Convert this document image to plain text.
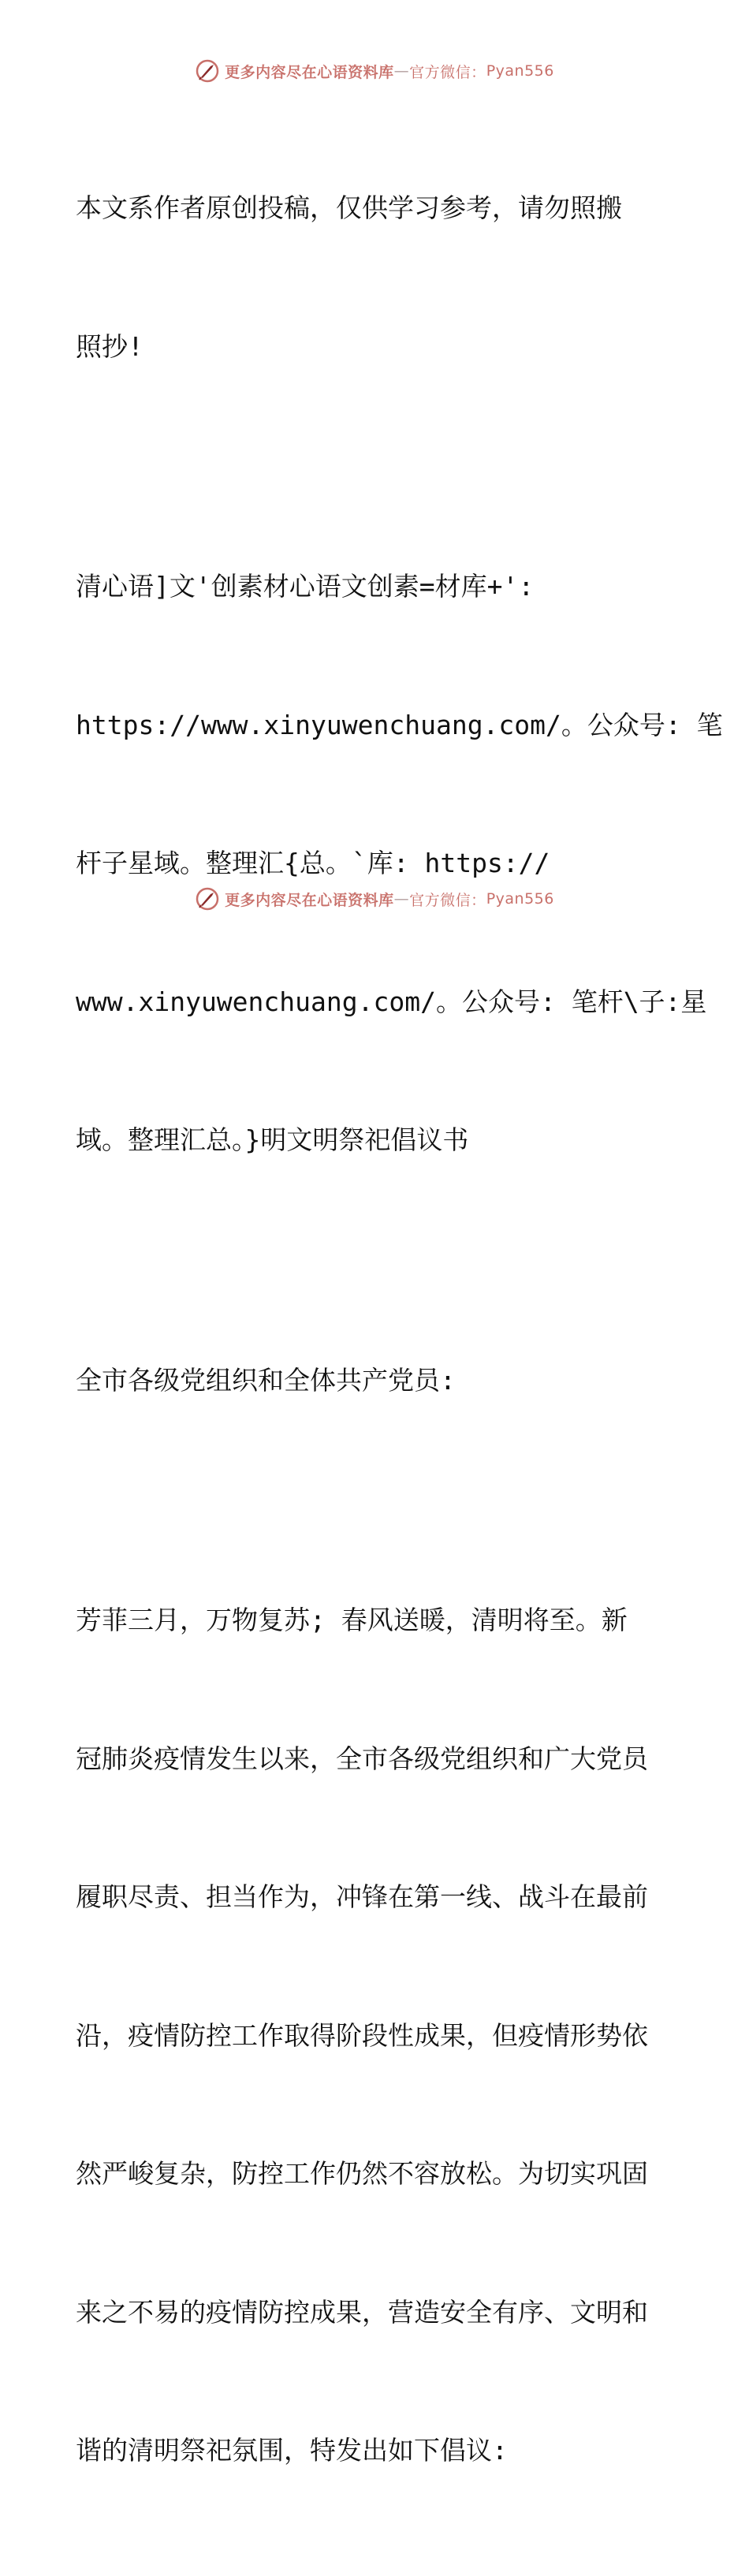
更多内容尽在心语资料库 — 官方微信： Pyan556

本文系作者原创投稿，仅供学习参考，请勿照搬

照抄!

清心语]文'创素材心语文创素=材库+':

https://www.xinyuwenchuang.com/。公众号: 笔

杆子星域。整理汇{总。`库: https://

www.xinyuwenchuang.com/。公众号: 笔杆\子:星

域。整理汇总。}明文明祭祀倡议书

全市各级党组织和全体共产党员:

芳菲三月，万物复苏; 春风送暖，清明将至。新

冠肺炎疫情发生以来，全市各级党组织和广大党员

履职尽责、担当作为，冲锋在第一线、战斗在最前

沿，疫情防控工作取得阶段性成果，但疫情形势依

然严峻复杂，防控工作仍然不容放松。为切实巩固

来之不易的疫情防控成果，营造安全有序、文明和

谐的清明祭祀氛围，特发出如下倡议:

更多内容尽在心语资料库 — 官方微信： Pyan556
